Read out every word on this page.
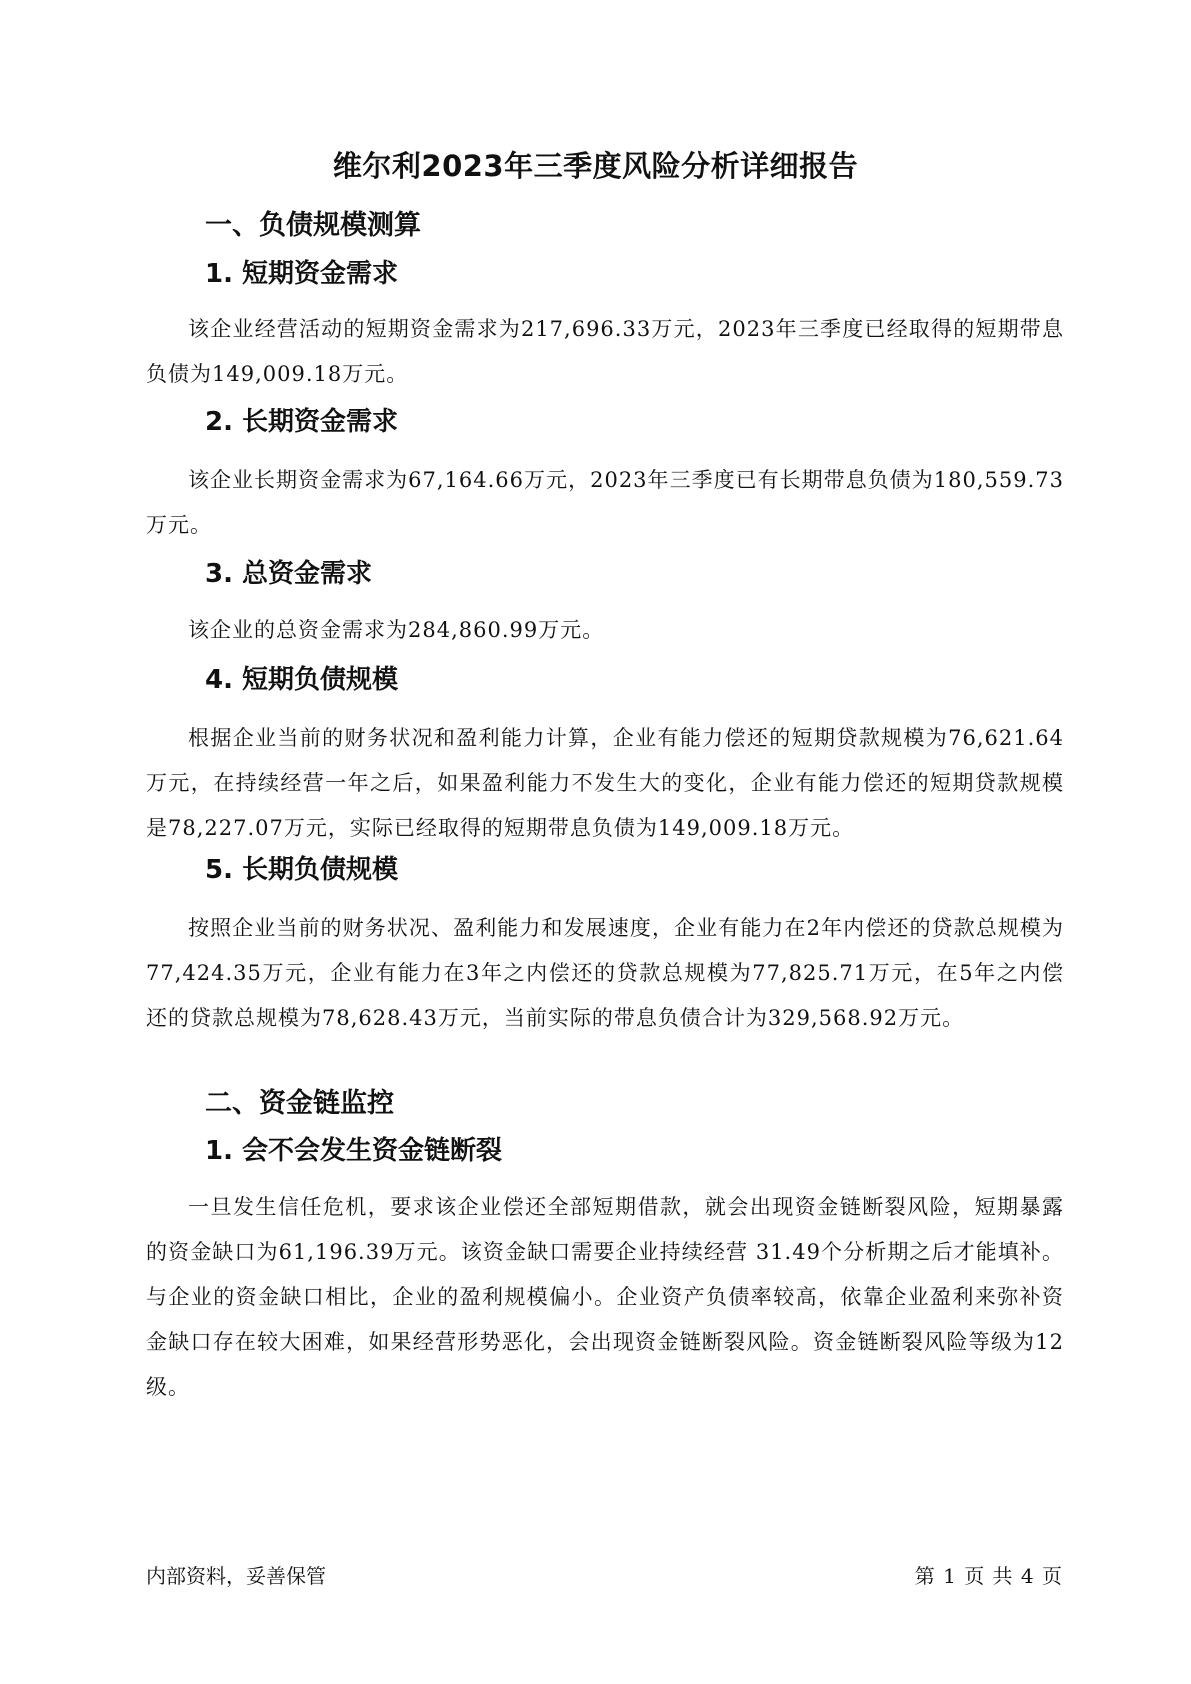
维尔利2023年三季度风险分析详细报告
一、负债规模测算
1. 短期资金需求
该企业经营活动的短期资金需求为217,696.33万元，2023年三季度已经取得的短期带息负债为149,009.18万元。
2. 长期资金需求
该企业长期资金需求为67,164.66万元，2023年三季度已有长期带息负债为180,559.73万元。
3. 总资金需求
该企业的总资金需求为284,860.99万元。
4. 短期负债规模
根据企业当前的财务状况和盈利能力计算，企业有能力偿还的短期贷款规模为76,621.64万元，在持续经营一年之后，如果盈利能力不发生大的变化，企业有能力偿还的短期贷款规模是78,227.07万元，实际已经取得的短期带息负债为149,009.18万元。
5. 长期负债规模
按照企业当前的财务状况、盈利能力和发展速度，企业有能力在2年内偿还的贷款总规模为77,424.35万元，企业有能力在3年之内偿还的贷款总规模为77,825.71万元，在5年之内偿还的贷款总规模为78,628.43万元，当前实际的带息负债合计为329,568.92万元。
二、资金链监控
1. 会不会发生资金链断裂
一旦发生信任危机，要求该企业偿还全部短期借款，就会出现资金链断裂风险，短期暴露的资金缺口为61,196.39万元。该资金缺口需要企业持续经营 31.49个分析期之后才能填补。与企业的资金缺口相比，企业的盈利规模偏小。企业资产负债率较高，依靠企业盈利来弥补资金缺口存在较大困难，如果经营形势恶化，会出现资金链断裂风险。资金链断裂风险等级为12级。
内部资料，妥善保管	第 1 页 共 4 页
